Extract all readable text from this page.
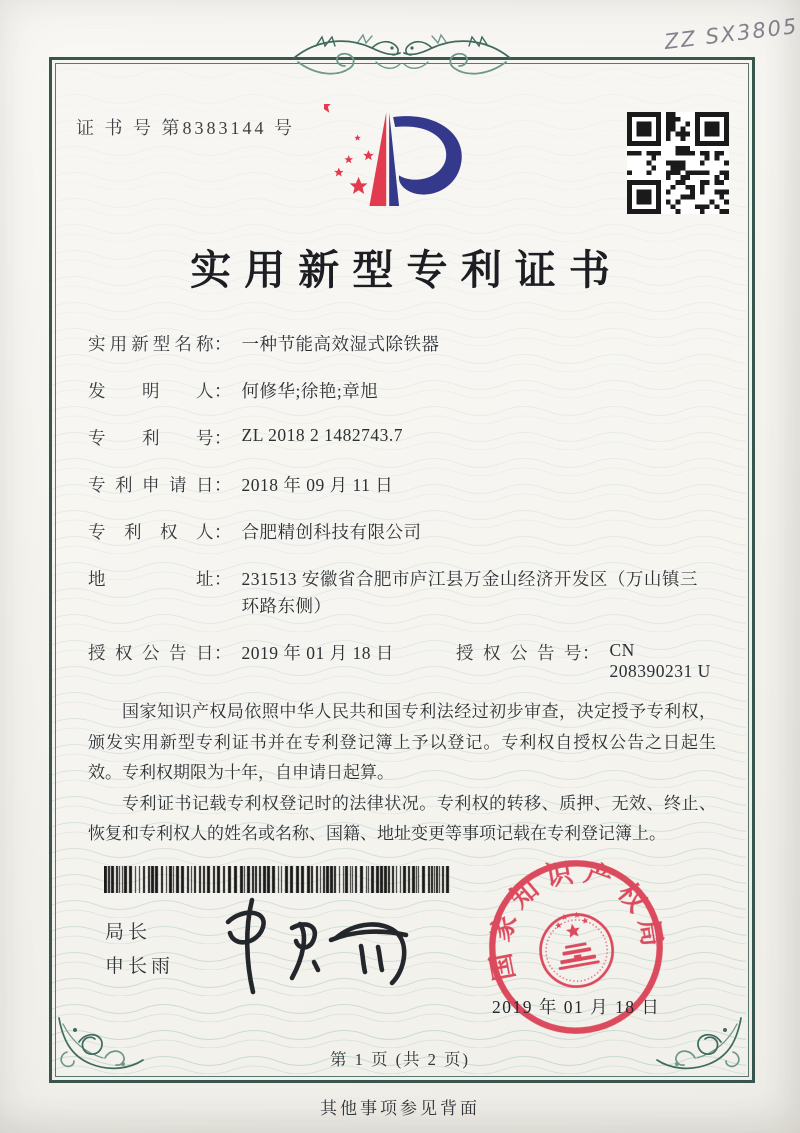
ZZ SX3805
证 书 号 第8383144 号
实用新型专利证书
实用新型名称 ： 一种节能高效湿式除铁器
发明人 ： 何修华;徐艳;章旭
专利号 ： ZL 2018 2 1482743.7
专利申请日 ： 2018 年 09 月 11 日
专利权人 ： 合肥精创科技有限公司
地址 ： 231513 安徽省合肥市庐江县万金山经济开发区（万山镇三环路东侧）
授权公告日 ： 2019 年 01 月 18 日	授权公告号 ： CN 208390231 U

国家知识产权局依照中华人民共和国专利法经过初步审查，决定授予专利权，颁发实用新型专利证书并在专利登记簿上予以登记。专利权自授权公告之日起生效。专利权期限为十年，自申请日起算。

专利证书记载专利权登记时的法律状况。专利权的转移、质押、无效、终止、恢复和专利权人的姓名或名称、国籍、地址变更等事项记载在专利登记簿上。

局长
申长雨	国家知识产权局
2019 年 01 月 18 日
第 1 页 (共 2 页)
其他事项参见背面
